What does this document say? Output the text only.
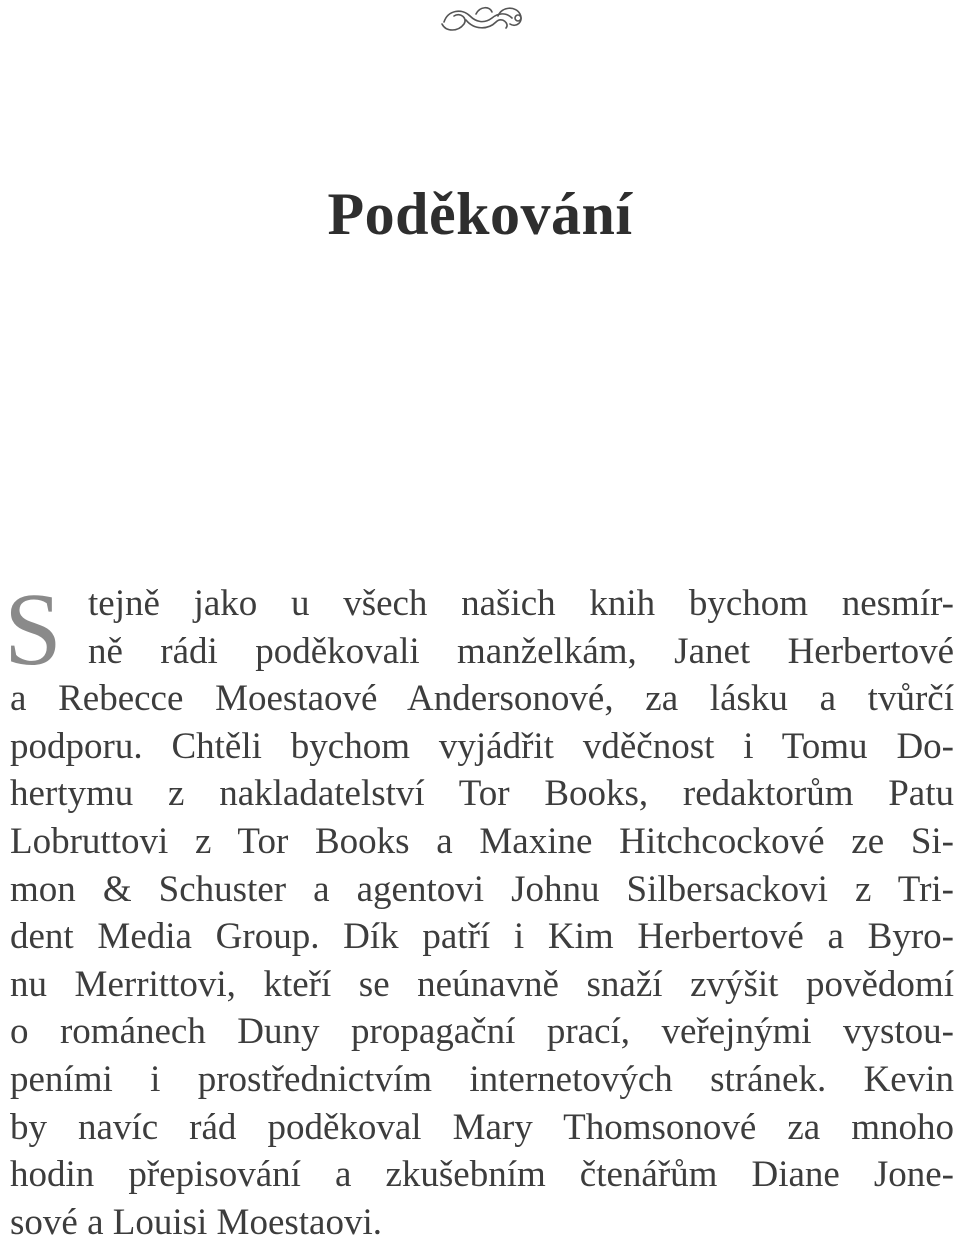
Poděkování
S tejně jako u všech našich knih bychom nesmír-
ně rádi poděkovali manželkám, Janet Herbertové
a Rebecce Moestaové Andersonové, za lásku a tvůrčí
podporu. Chtěli bychom vyjádřit vděčnost i Tomu Do-
hertymu z nakladatelství Tor Books, redaktorům Patu
Lobruttovi z Tor Books a Maxine Hitchcockové ze Si-
mon & Schuster a agentovi Johnu Silbersackovi z Tri-
dent Media Group. Dík patří i Kim Herbertové a Byro-
nu Merrittovi, kteří se neúnavně snaží zvýšit povědomí
o románech Duny propagační prací, veřejnými vystou-
peními i prostřednictvím internetových stránek. Kevin
by navíc rád poděkoval Mary Thomsonové za mnoho
hodin přepisování a zkušebním čtenářům Diane Jone-
sové a Louisi Moestaovi.
